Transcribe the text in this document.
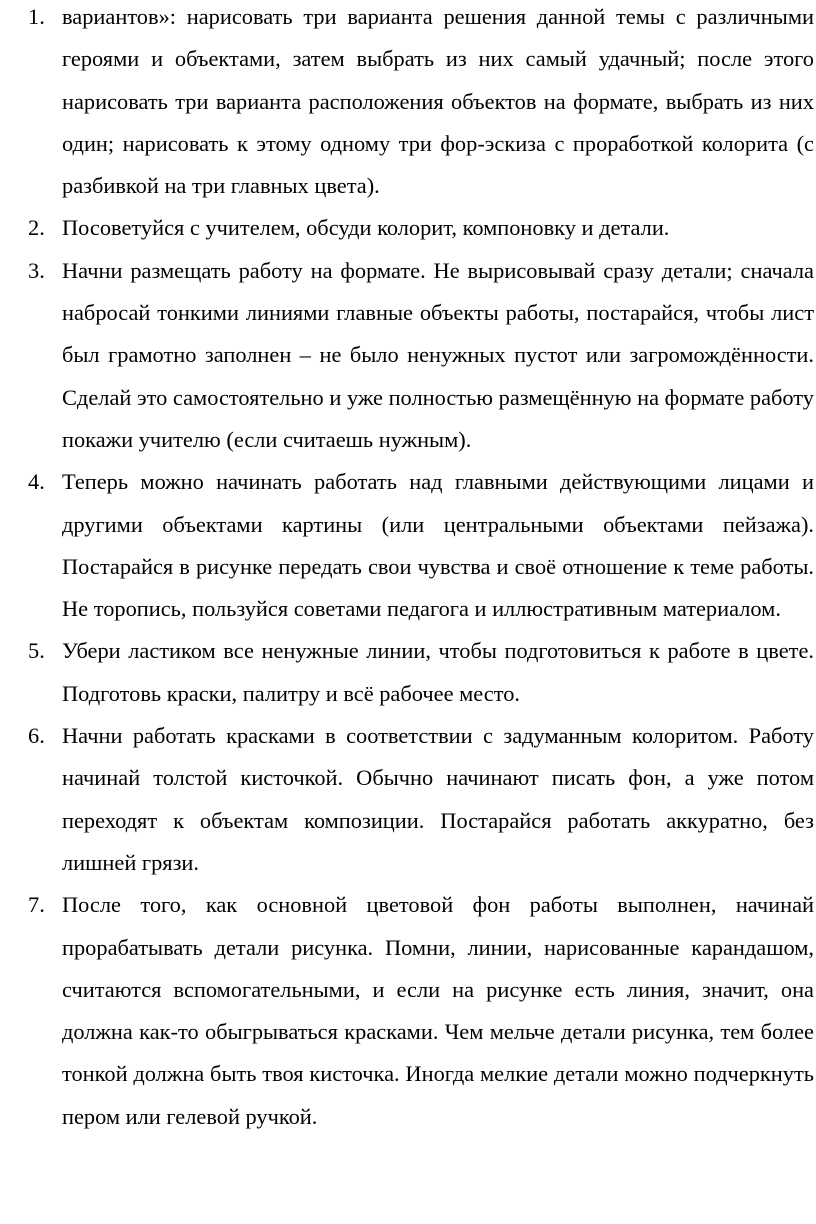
1. вариантов»: нарисовать три варианта решения данной темы с различными героями и объектами, затем выбрать из них самый удачный; после этого нарисовать три варианта расположения объектов на формате, выбрать из них один; нарисовать к этому одному три фор-эскиза с проработкой колорита (с разбивкой на три главных цвета).
2. Посоветуйся с учителем, обсуди колорит, компоновку и детали.
3. Начни размещать работу на формате. Не вырисовывай сразу детали; сначала набросай тонкими линиями главные объекты работы, постарайся, чтобы лист был грамотно заполнен – не было ненужных пустот или загромождённости. Сделай это самостоятельно и уже полностью размещённую на формате работу покажи учителю (если считаешь нужным).
4. Теперь можно начинать работать над главными действующими лицами и другими объектами картины (или центральными объектами пейзажа). Постарайся в рисунке передать свои чувства и своё отношение к теме работы. Не торопись, пользуйся советами педагога и иллюстративным материалом.
5. Убери ластиком все ненужные линии, чтобы подготовиться к работе в цвете. Подготовь краски, палитру и всё рабочее место.
6. Начни работать красками в соответствии с задуманным колоритом. Работу начинай толстой кисточкой. Обычно начинают писать фон, а уже потом переходят к объектам композиции. Постарайся работать аккуратно, без лишней грязи.
7. После того, как основной цветовой фон работы выполнен, начинай прорабатывать детали рисунка. Помни, линии, нарисованные карандашом, считаются вспомогательными, и если на рисунке есть линия, значит, она должна как-то обыгрываться красками. Чем мельче детали рисунка, тем более тонкой должна быть твоя кисточка. Иногда мелкие детали можно подчеркнуть пером или гелевой ручкой.
